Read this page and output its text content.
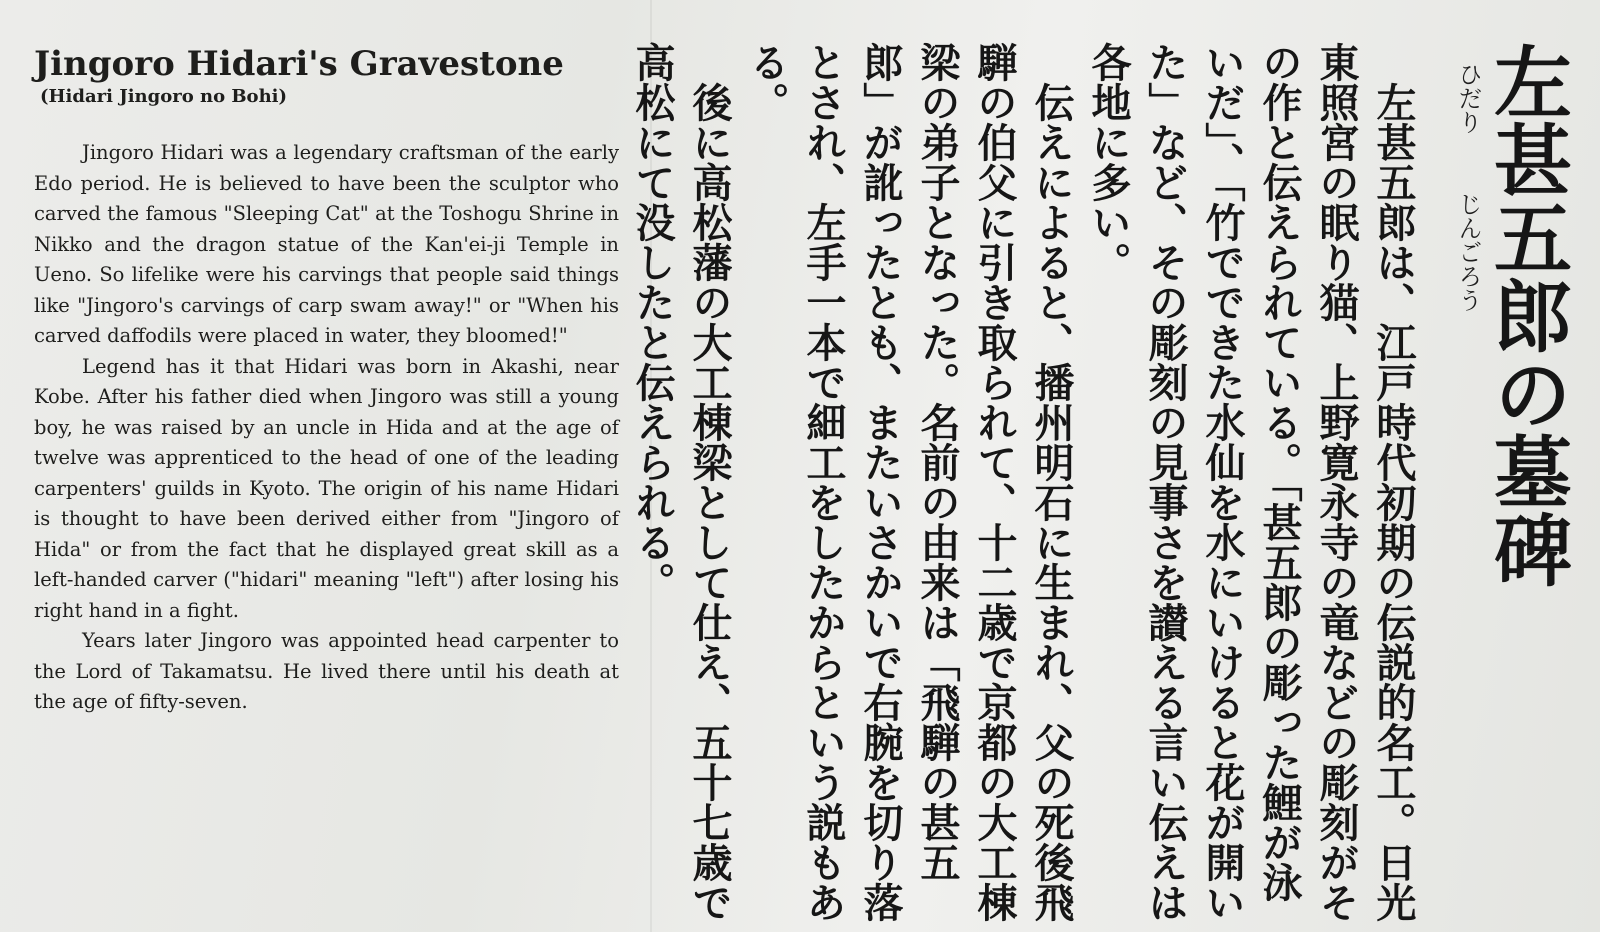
Jingoro Hidari's Gravestone
(Hidari Jingoro no Bohi)

Jingoro Hidari was a legendary craftsman of the early Edo period. He is believed to have been the sculptor who carved the famous "Sleeping Cat" at the Toshogu Shrine in Nikko and the dragon statue of the Kan'ei-ji Temple in Ueno. So lifelike were his carvings that people said things like "Jingoro's carvings of carp swam away!" or "When his carved daffodils were placed in water, they bloomed!"

Legend has it that Hidari was born in Akashi, near Kobe. After his father died when Jingoro was still a young boy, he was raised by an uncle in Hida and at the age of twelve was apprenticed to the head of one of the leading carpenters' guilds in Kyoto. The origin of his name Hidari is thought to have been derived either from "Jingoro of Hida" or from the fact that he displayed great skill as a left-handed carver ("hidari" meaning "left") after losing his right hand in a fight.

Years later Jingoro was appointed head carpenter to the Lord of Takamatsu. He lived there until his death at the age of fifty-seven.

左甚五郎の墓碑
ひだり
じんごろう

左甚五郎は、江戸時代初期の伝説的名工。日光東照宮の眠り猫、上野寛永寺の竜などの彫刻がその作と伝えられている。「甚五郎の彫った鯉が泳いだ」、「竹でできた水仙を水にいけると花が開いた」など、その彫刻の見事さを讃える言い伝えは各地に多い。

伝えによると、播州明石に生まれ、父の死後飛騨の伯父に引き取られて、十二歳で京都の大工棟梁の弟子となった。名前の由来は「飛騨の甚五郎」が訛ったとも、またいさかいで右腕を切り落とされ、左手一本で細工をしたからという説もある。

後に高松藩の大工棟梁として仕え、五十七歳で高松にて没したと伝えられる。
